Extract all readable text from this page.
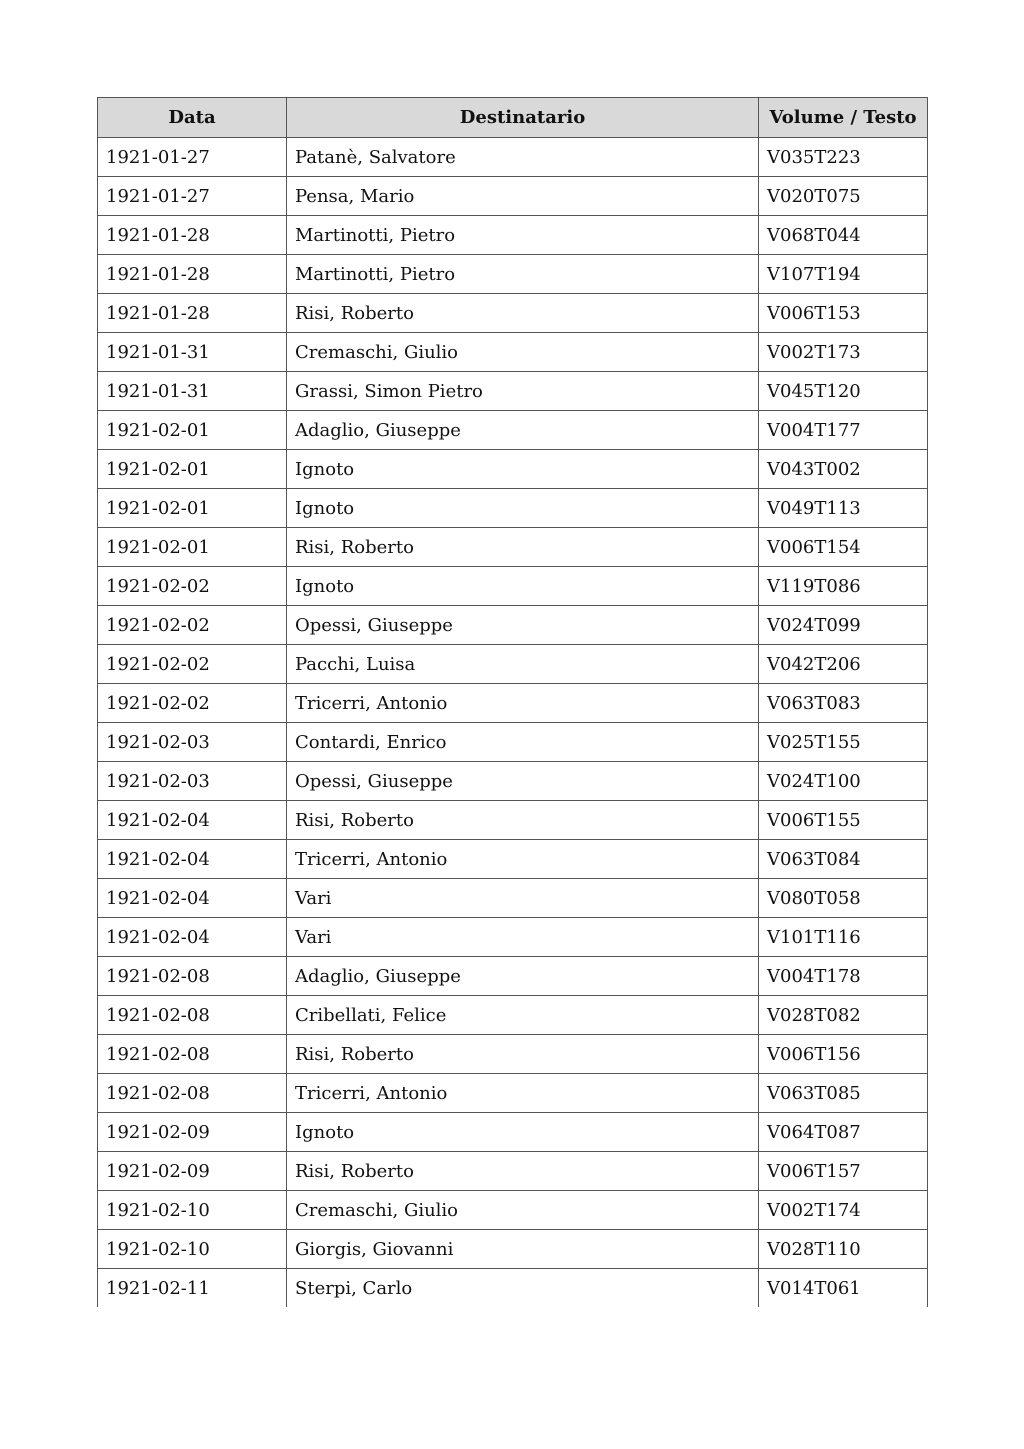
Data	Destinatario	Volume / Testo
1921-01-27	Patanè, Salvatore	V035T223
1921-01-27	Pensa, Mario	V020T075
1921-01-28	Martinotti, Pietro	V068T044
1921-01-28	Martinotti, Pietro	V107T194
1921-01-28	Risi, Roberto	V006T153
1921-01-31	Cremaschi, Giulio	V002T173
1921-01-31	Grassi, Simon Pietro	V045T120
1921-02-01	Adaglio, Giuseppe	V004T177
1921-02-01	Ignoto	V043T002
1921-02-01	Ignoto	V049T113
1921-02-01	Risi, Roberto	V006T154
1921-02-02	Ignoto	V119T086
1921-02-02	Opessi, Giuseppe	V024T099
1921-02-02	Pacchi, Luisa	V042T206
1921-02-02	Tricerri, Antonio	V063T083
1921-02-03	Contardi, Enrico	V025T155
1921-02-03	Opessi, Giuseppe	V024T100
1921-02-04	Risi, Roberto	V006T155
1921-02-04	Tricerri, Antonio	V063T084
1921-02-04	Vari	V080T058
1921-02-04	Vari	V101T116
1921-02-08	Adaglio, Giuseppe	V004T178
1921-02-08	Cribellati, Felice	V028T082
1921-02-08	Risi, Roberto	V006T156
1921-02-08	Tricerri, Antonio	V063T085
1921-02-09	Ignoto	V064T087
1921-02-09	Risi, Roberto	V006T157
1921-02-10	Cremaschi, Giulio	V002T174
1921-02-10	Giorgis, Giovanni	V028T110
1921-02-11	Sterpi, Carlo	V014T061
